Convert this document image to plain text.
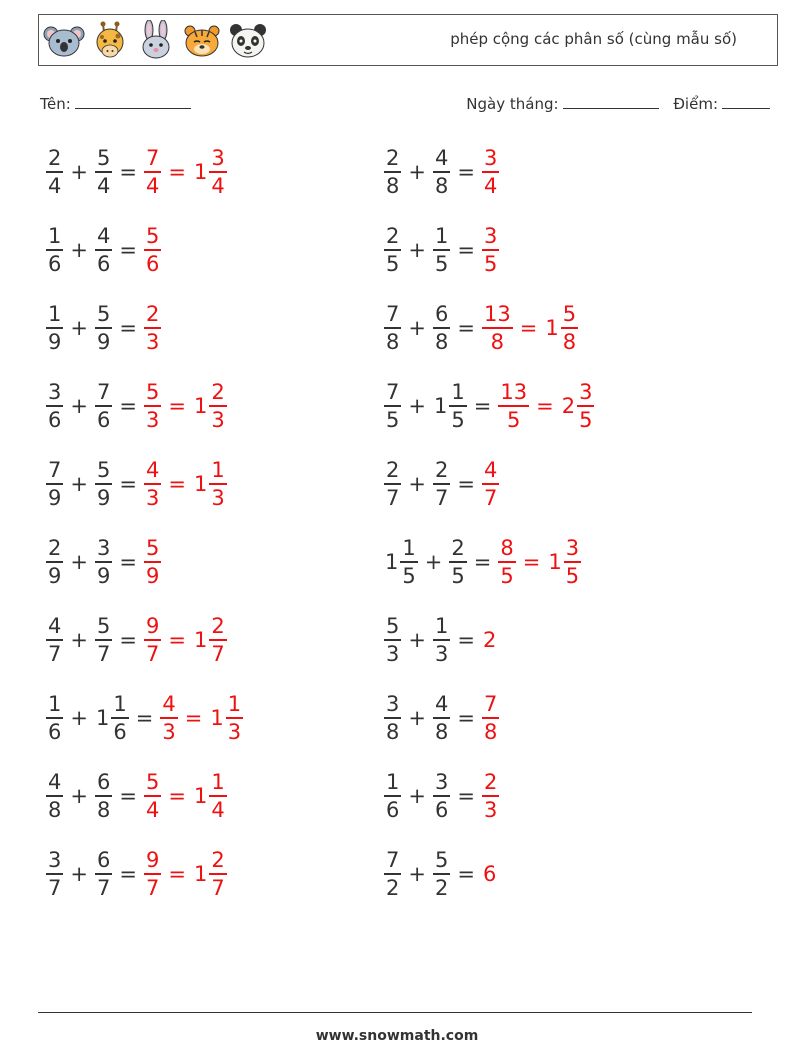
phép cộng các phân số (cùng mẫu số)
Tên:	Ngày tháng:	Điểm:
$\frac{2}{4} + \frac{5}{4} = \frac{7}{4} = 1 \frac{3}{4}$	$\frac{2}{8} + \frac{4}{8} = \frac{3}{4}$
$\frac{1}{6} + \frac{4}{6} = \frac{5}{6}$	$\frac{2}{5} + \frac{1}{5} = \frac{3}{5}$
$\frac{1}{9} + \frac{5}{9} = \frac{2}{3}$	$\frac{7}{8} + \frac{6}{8} = \frac{13}{8} = 1 \frac{5}{8}$
$\frac{3}{6} + \frac{7}{6} = \frac{5}{3} = 1 \frac{2}{3}$	$\frac{7}{5} + 1 \frac{1}{5} = \frac{13}{5} = 2 \frac{3}{5}$
$\frac{7}{9} + \frac{5}{9} = \frac{4}{3} = 1 \frac{1}{3}$	$\frac{2}{7} + \frac{2}{7} = \frac{4}{7}$
$\frac{2}{9} + \frac{3}{9} = \frac{5}{9}$	$1 \frac{1}{5} + \frac{2}{5} = \frac{8}{5} = 1 \frac{3}{5}$
$\frac{4}{7} + \frac{5}{7} = \frac{9}{7} = 1 \frac{2}{7}$	$\frac{5}{3} + \frac{1}{3} = 2$
$\frac{1}{6} + 1 \frac{1}{6} = \frac{4}{3} = 1 \frac{1}{3}$	$\frac{3}{8} + \frac{4}{8} = \frac{7}{8}$
$\frac{4}{8} + \frac{6}{8} = \frac{5}{4} = 1 \frac{1}{4}$	$\frac{1}{6} + \frac{3}{6} = \frac{2}{3}$
$\frac{3}{7} + \frac{6}{7} = \frac{9}{7} = 1 \frac{2}{7}$	$\frac{7}{2} + \frac{5}{2} = 6$
www.snowmath.com
